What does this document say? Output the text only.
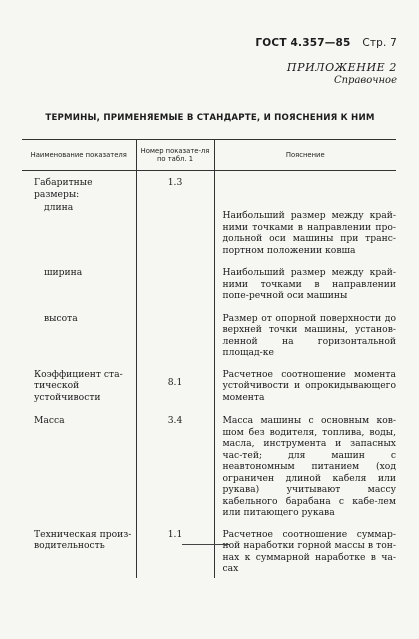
ГОСТ 4.357—85 Стр. 7
ПРИЛОЖЕНИЕ 2
Справочное
ТЕРМИНЫ, ПРИМЕНЯЕМЫЕ В СТАНДАРТЕ, И ПОЯСНЕНИЯ К НИМ
Наименование показателя	Номер показате-ля по табл. 1	Пояснение
Габаритные размеры:	1.3	

длина		Наибольший размер между край-ними точками в направлении про-дольной оси машины при транс-портном положении ковша

ширина		Наибольший размер между край-ними точками в направлении попе-речной оси машины

высота		Размер от опорной поверхности до верхней точки машины, установ-ленной на горизонтальной площад-ке
Коэффициент ста-тической устойчивости	8.1	Расчетное соотношение момента устойчивости и опрокидывающего момента
Масса	3.4	Масса машины с основным ков-шом без водителя, топлива, воды, масла, инструмента и запасных час-тей; для машин с неавтономным питанием (ход ограничен длиной кабеля или рукава) учитывают массу кабельного барабана с кабе-лем или питающего рукава
Техническая произ-водительность	1.1	Расчетное соотношение суммар-ной наработки горной массы в тон-нах к суммарной наработке в ча-сах
